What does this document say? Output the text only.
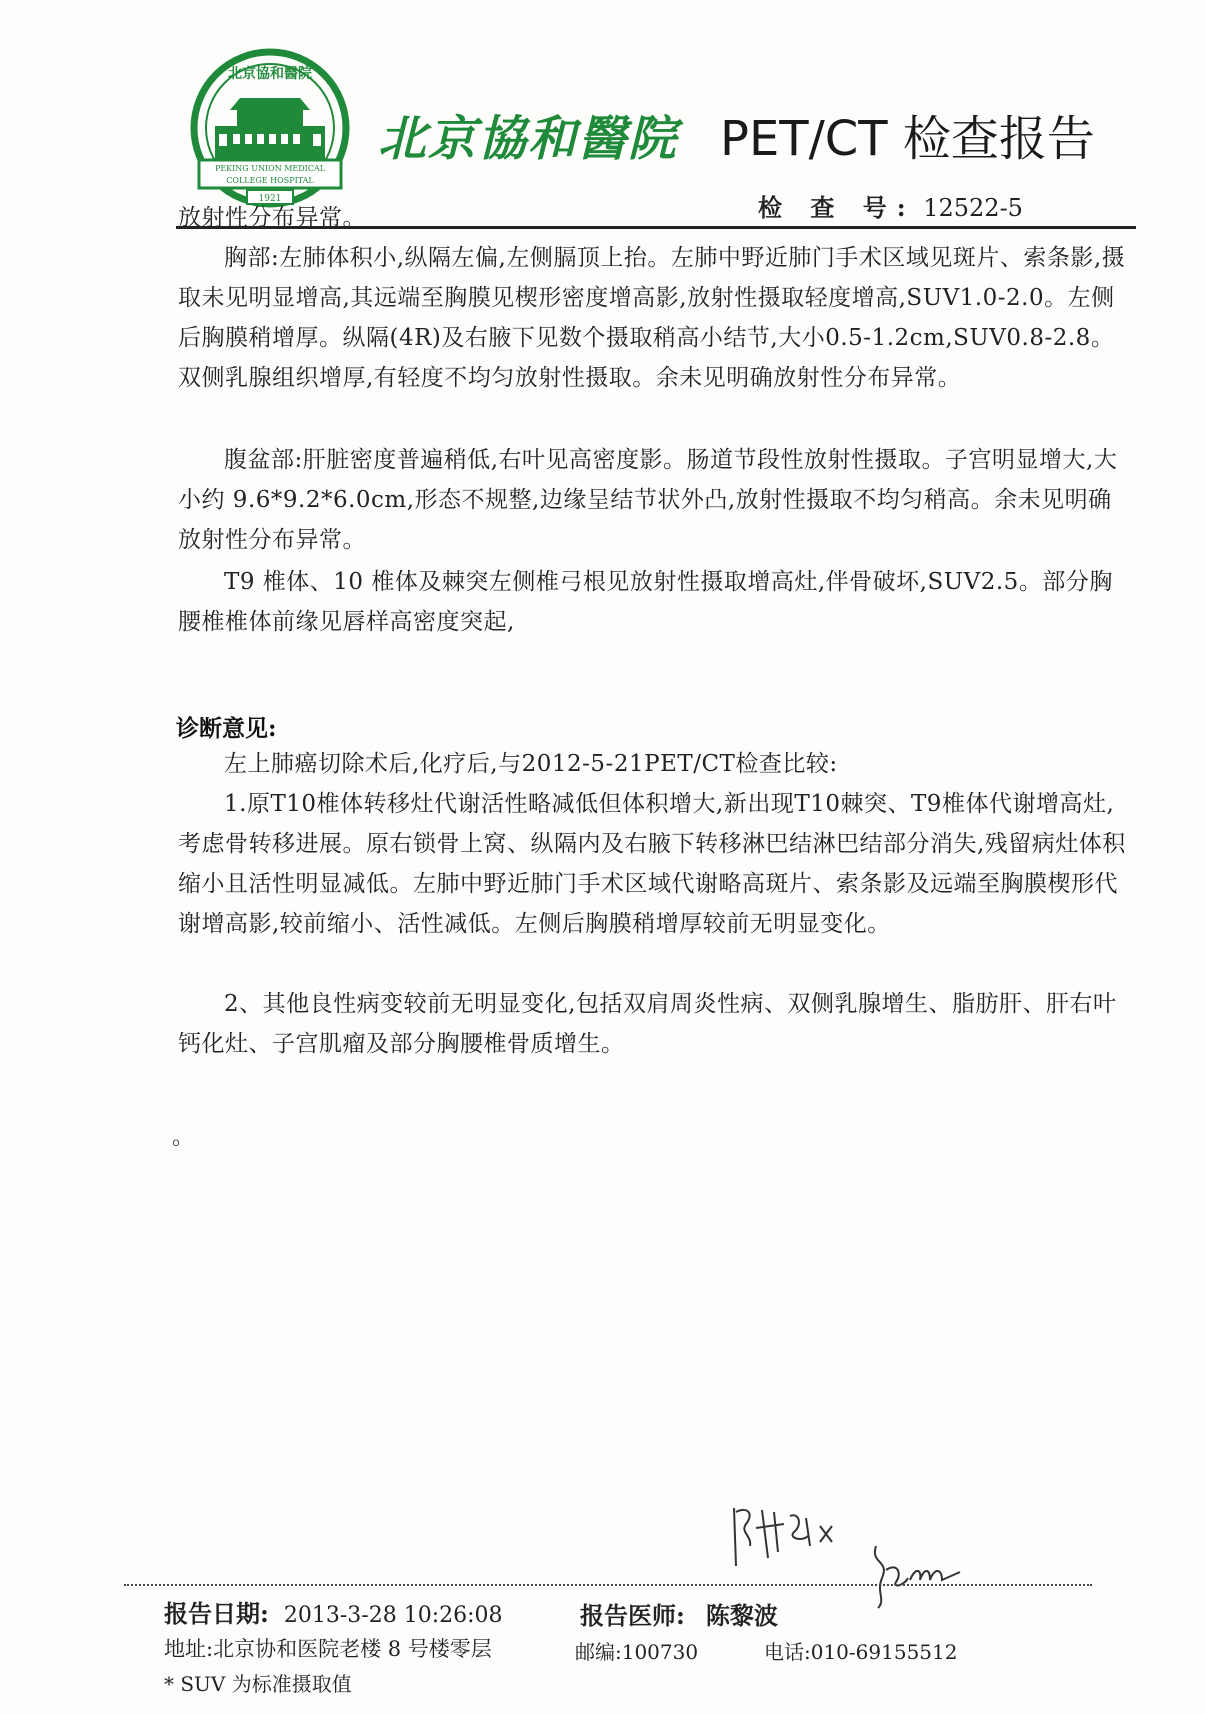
PEKING UNION MEDICAL
COLLEGE HOSPITAL
1921
北京協和醫院
北京協和醫院 PET/CT 检查报告
检 查 号: 12522-5
放射性分布异常。
胸部:左肺体积小,纵隔左偏,左侧膈顶上抬。左肺中野近肺门手术区域见斑片、索条影,摄取未见明显增高,其远端至胸膜见楔形密度增高影,放射性摄取轻度增高,SUV1.0-2.0。左侧后胸膜稍增厚。纵隔(4R)及右腋下见数个摄取稍高小结节,大小0.5-1.2cm,SUV0.8-2.8。双侧乳腺组织增厚,有轻度不均匀放射性摄取。余未见明确放射性分布异常。
腹盆部:肝脏密度普遍稍低,右叶见高密度影。肠道节段性放射性摄取。子宫明显增大,大小约 9.6*9.2*6.0cm,形态不规整,边缘呈结节状外凸,放射性摄取不均匀稍高。余未见明确放射性分布异常。
T9 椎体、10 椎体及棘突左侧椎弓根见放射性摄取增高灶,伴骨破坏,SUV2.5。部分胸腰椎椎体前缘见唇样高密度突起,
诊断意见:
左上肺癌切除术后,化疗后,与2012-5-21PET/CT检查比较:
1.原T10椎体转移灶代谢活性略减低但体积增大,新出现T10棘突、T9椎体代谢增高灶,考虑骨转移进展。原右锁骨上窝、纵隔内及右腋下转移淋巴结淋巴结部分消失,残留病灶体积缩小且活性明显减低。左肺中野近肺门手术区域代谢略高斑片、索条影及远端至胸膜楔形代谢增高影,较前缩小、活性减低。左侧后胸膜稍增厚较前无明显变化。
2、其他良性病变较前无明显变化,包括双肩周炎性病、双侧乳腺增生、脂肪肝、肝右叶钙化灶、子宫肌瘤及部分胸腰椎骨质增生。
。
报告日期: 2013-3-28 10:26:08	报告医师: 陈黎波
地址:北京协和医院老楼 8 号楼零层	邮编:100730	电话:010-69155512
* SUV 为标准摄取值
